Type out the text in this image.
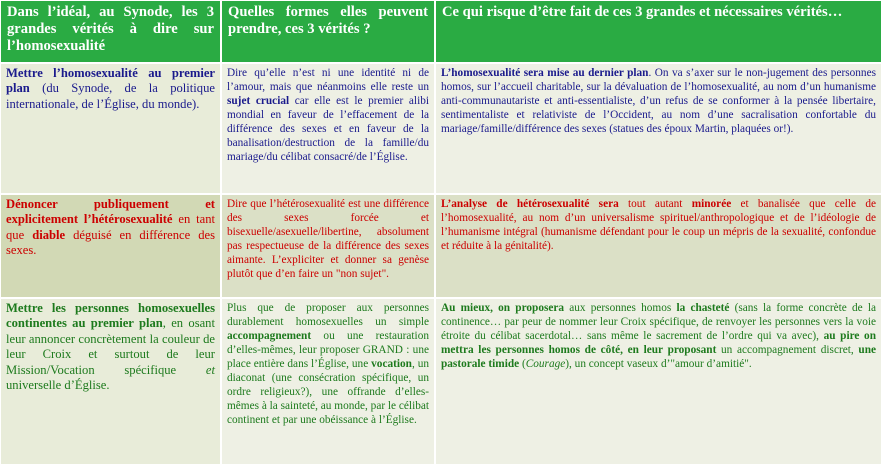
Dans l’idéal, au Synode, les 3 grandes vérités à dire sur l’homosexualité
Quelles formes elles peuvent prendre, ces 3 vérités ?
Ce qui risque d’être fait de ces 3 grandes et nécessaires vérités…
Mettre l’homosexualité au premier plan (du Synode, de la politique internationale, de l’Église, du monde).
Dire qu’elle n’est ni une identité ni de l’amour, mais que néanmoins elle reste un sujet crucial car elle est le premier alibi mondial en faveur de l’effacement de la différence des sexes et en faveur de la banalisation/destruction de la famille/du mariage/du célibat consacré/de l’Église.
L’homosexualité sera mise au dernier plan. On va s’axer sur le non-jugement des personnes homos, sur l’accueil charitable, sur la dévaluation de l’homosexualité, au nom d’un humanisme anti-communautariste et anti-essentialiste, d’un refus de se conformer à la pensée libertaire, sentimentaliste et relativiste de l’Occident, au nom d’une sacralisation confortable du mariage/famille/différence des sexes (statues des époux Martin, plaquées or!).
Dénoncer publiquement et explicitement l’hétérosexualité en tant que diable déguisé en différence des sexes.
Dire que l’hétérosexualité est une différence des sexes forcée et bisexuelle/asexuelle/libertine, absolument pas respectueuse de la différence des sexes aimante. L’expliciter et donner sa genèse plutôt que d’en faire un "non sujet".
L’analyse de hétérosexualité sera tout autant minorée et banalisée que celle de l’homosexualité, au nom d’un universalisme spirituel/anthropologique et de l’idéologie de l’humanisme intégral (humanisme défendant pour le coup un mépris de la sexualité, confondue et réduite à la génitalité).
Mettre les personnes homosexuelles continentes au premier plan, en osant leur annoncer concrètement la couleur de leur Croix et surtout de leur Mission/Vocation spécifique et universelle d’Église.
Plus que de proposer aux personnes durablement homosexuelles un simple accompagnement ou une restauration d’elles-mêmes, leur proposer GRAND : une place entière dans l’Église, une vocation, un diaconat (une consécration spécifique, un ordre religieux?), une offrande d’elles-mêmes à la sainteté, au monde, par le célibat continent et par une obéissance à l’Église.
Au mieux, on proposera aux personnes homos la chasteté (sans la forme concrète de la continence… par peur de nommer leur Croix spécifique, de renvoyer les personnes vers la voie étroite du célibat sacerdotal… sans même le sacrement de l’ordre qui va avec), au pire on mettra les personnes homos de côté, en leur proposant un accompagnement discret, une pastorale timide (Courage), un concept vaseux d’"amour d’amitié".
